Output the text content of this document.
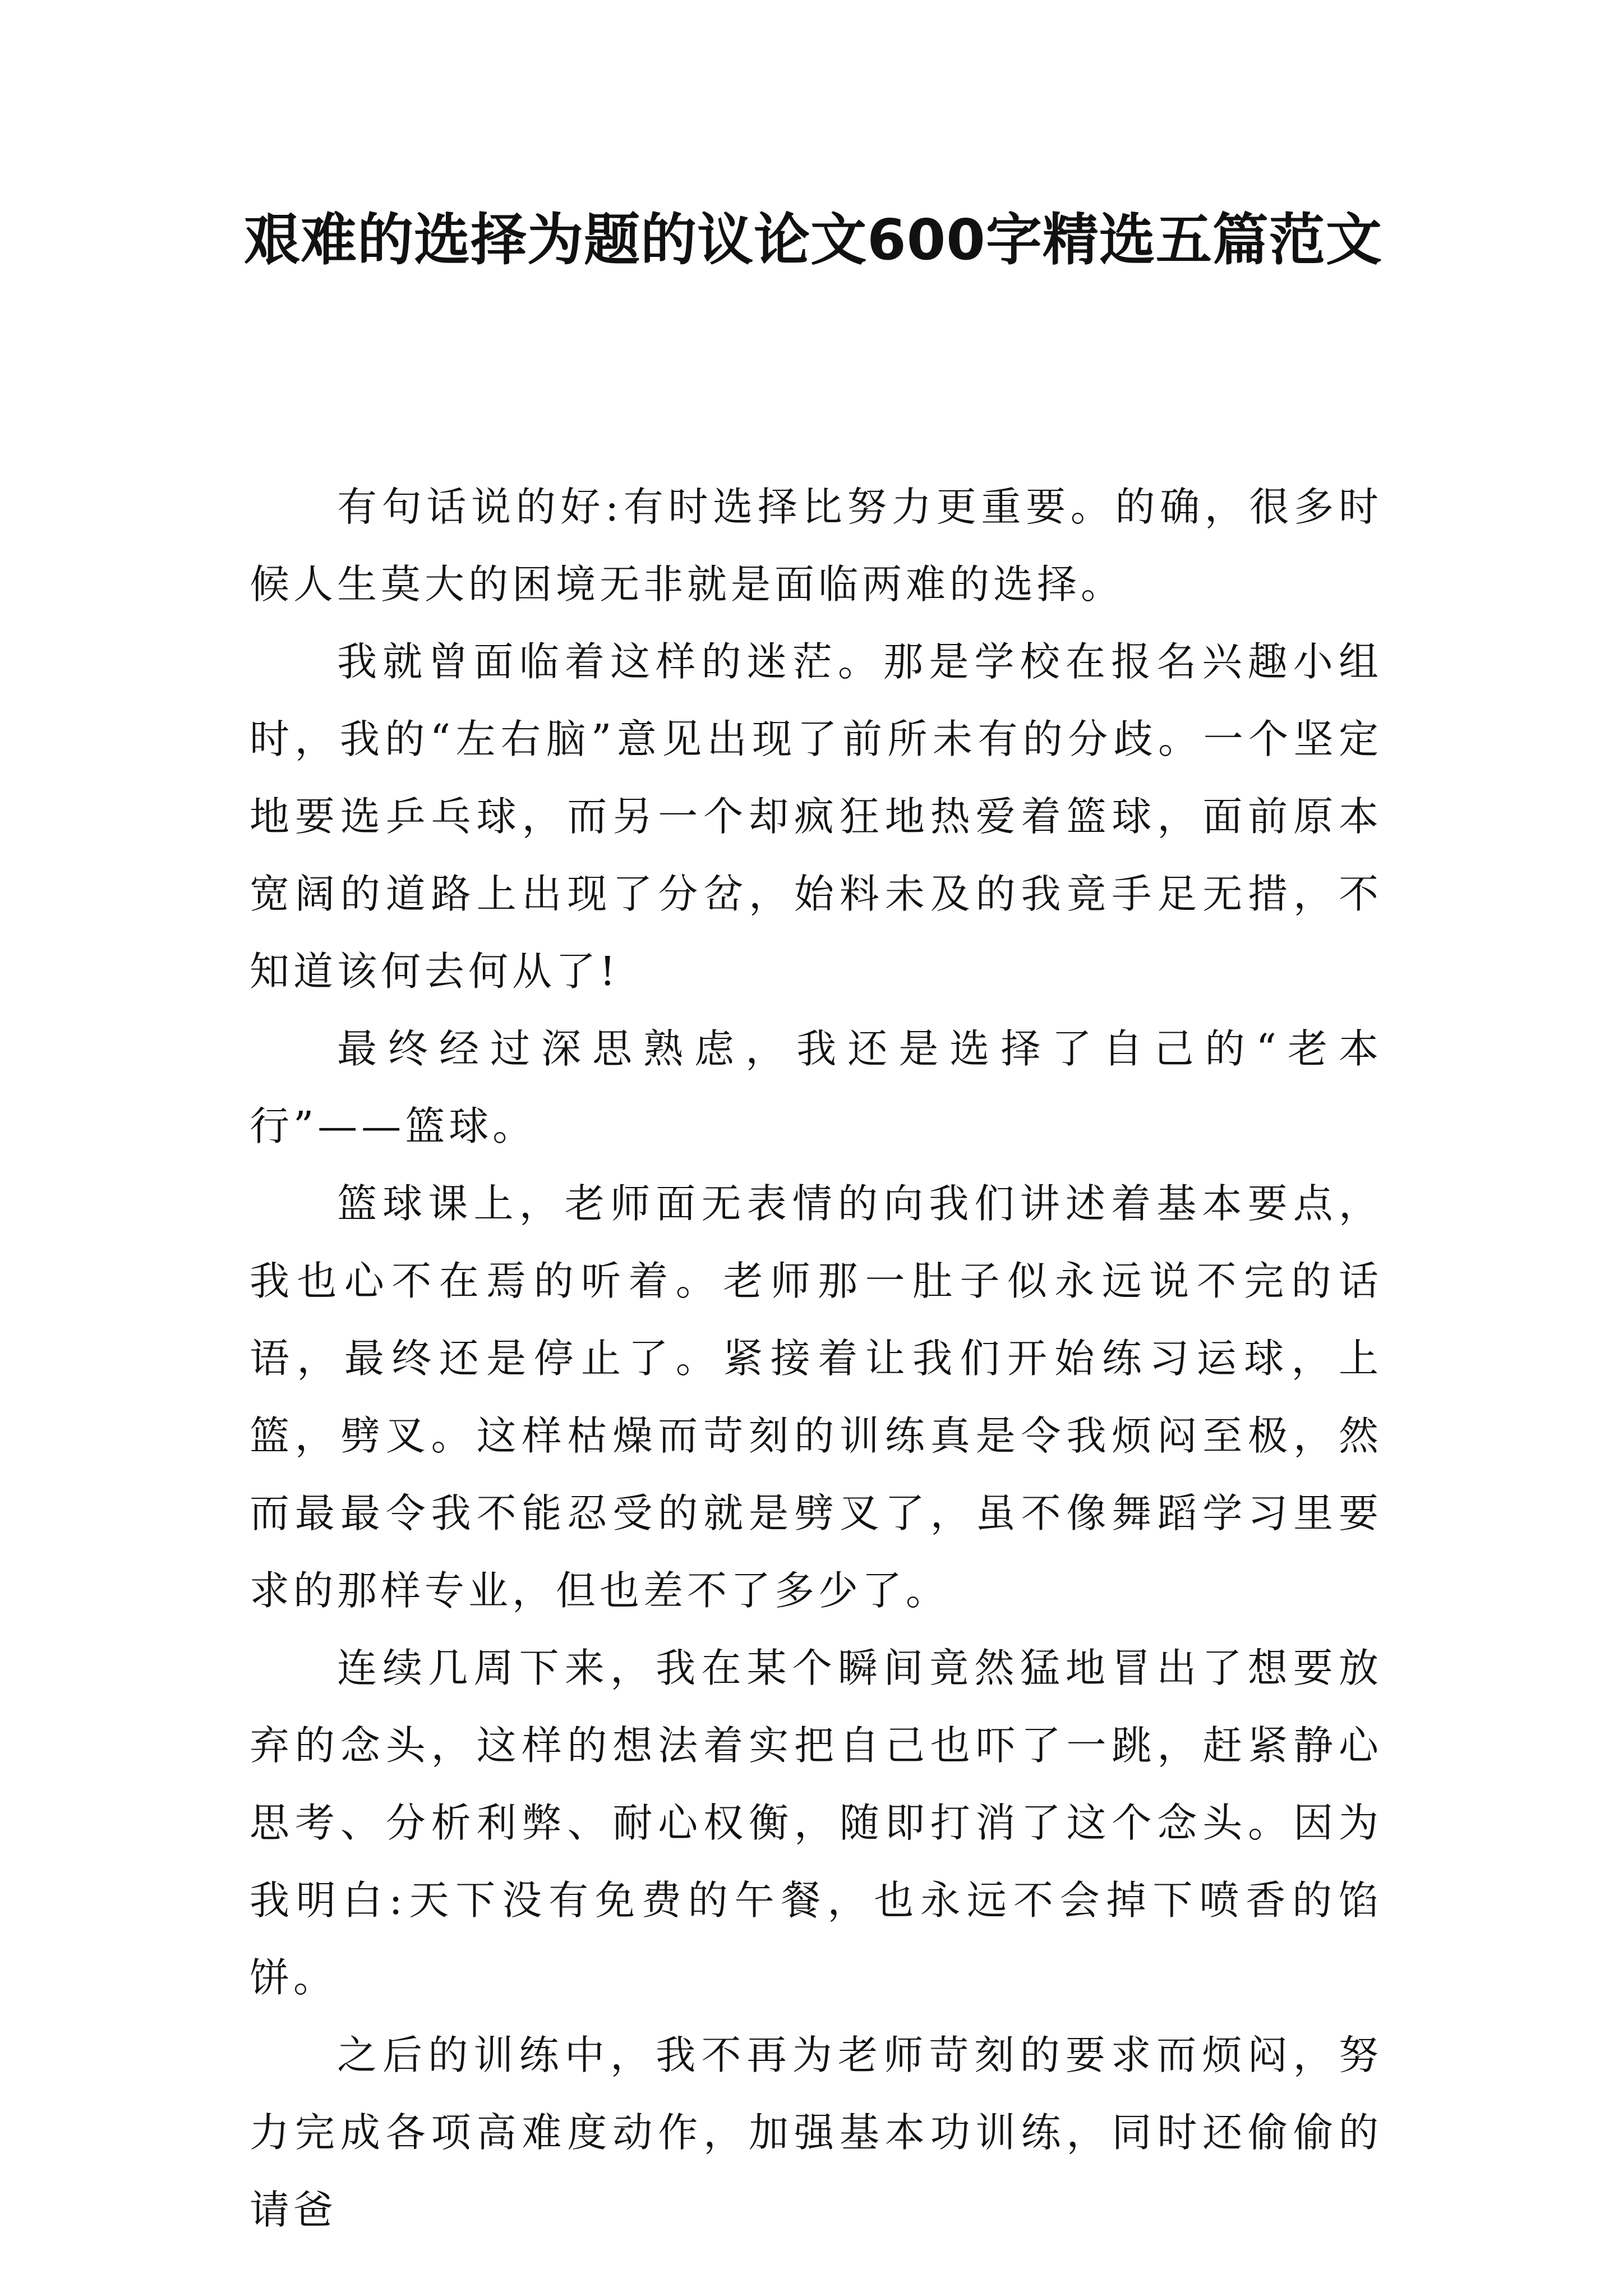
艰难的选择为题的议论文600字精选五篇范文

有句话说的好:有时选择比努力更重要。的确，很多时候人生莫大的困境无非就是面临两难的选择。

我就曾面临着这样的迷茫。那是学校在报名兴趣小组时，我的“左右脑”意见出现了前所未有的分歧。一个坚定地要选乒乓球，而另一个却疯狂地热爱着篮球，面前原本宽阔的道路上出现了分岔，始料未及的我竟手足无措，不知道该何去何从了!

最终经过深思熟虑，我还是选择了自己的“老本行”——篮球。

篮球课上，老师面无表情的向我们讲述着基本要点，我也心不在焉的听着。老师那一肚子似永远说不完的话语，最终还是停止了。紧接着让我们开始练习运球，上篮，劈叉。这样枯燥而苛刻的训练真是令我烦闷至极，然而最最令我不能忍受的就是劈叉了，虽不像舞蹈学习里要求的那样专业，但也差不了多少了。

连续几周下来，我在某个瞬间竟然猛地冒出了想要放弃的念头，这样的想法着实把自己也吓了一跳，赶紧静心思考、分析利弊、耐心权衡，随即打消了这个念头。因为我明白:天下没有免费的午餐，也永远不会掉下喷香的馅饼。

之后的训练中，我不再为老师苛刻的要求而烦闷，努力完成各项高难度动作，加强基本功训练，同时还偷偷的请爸
